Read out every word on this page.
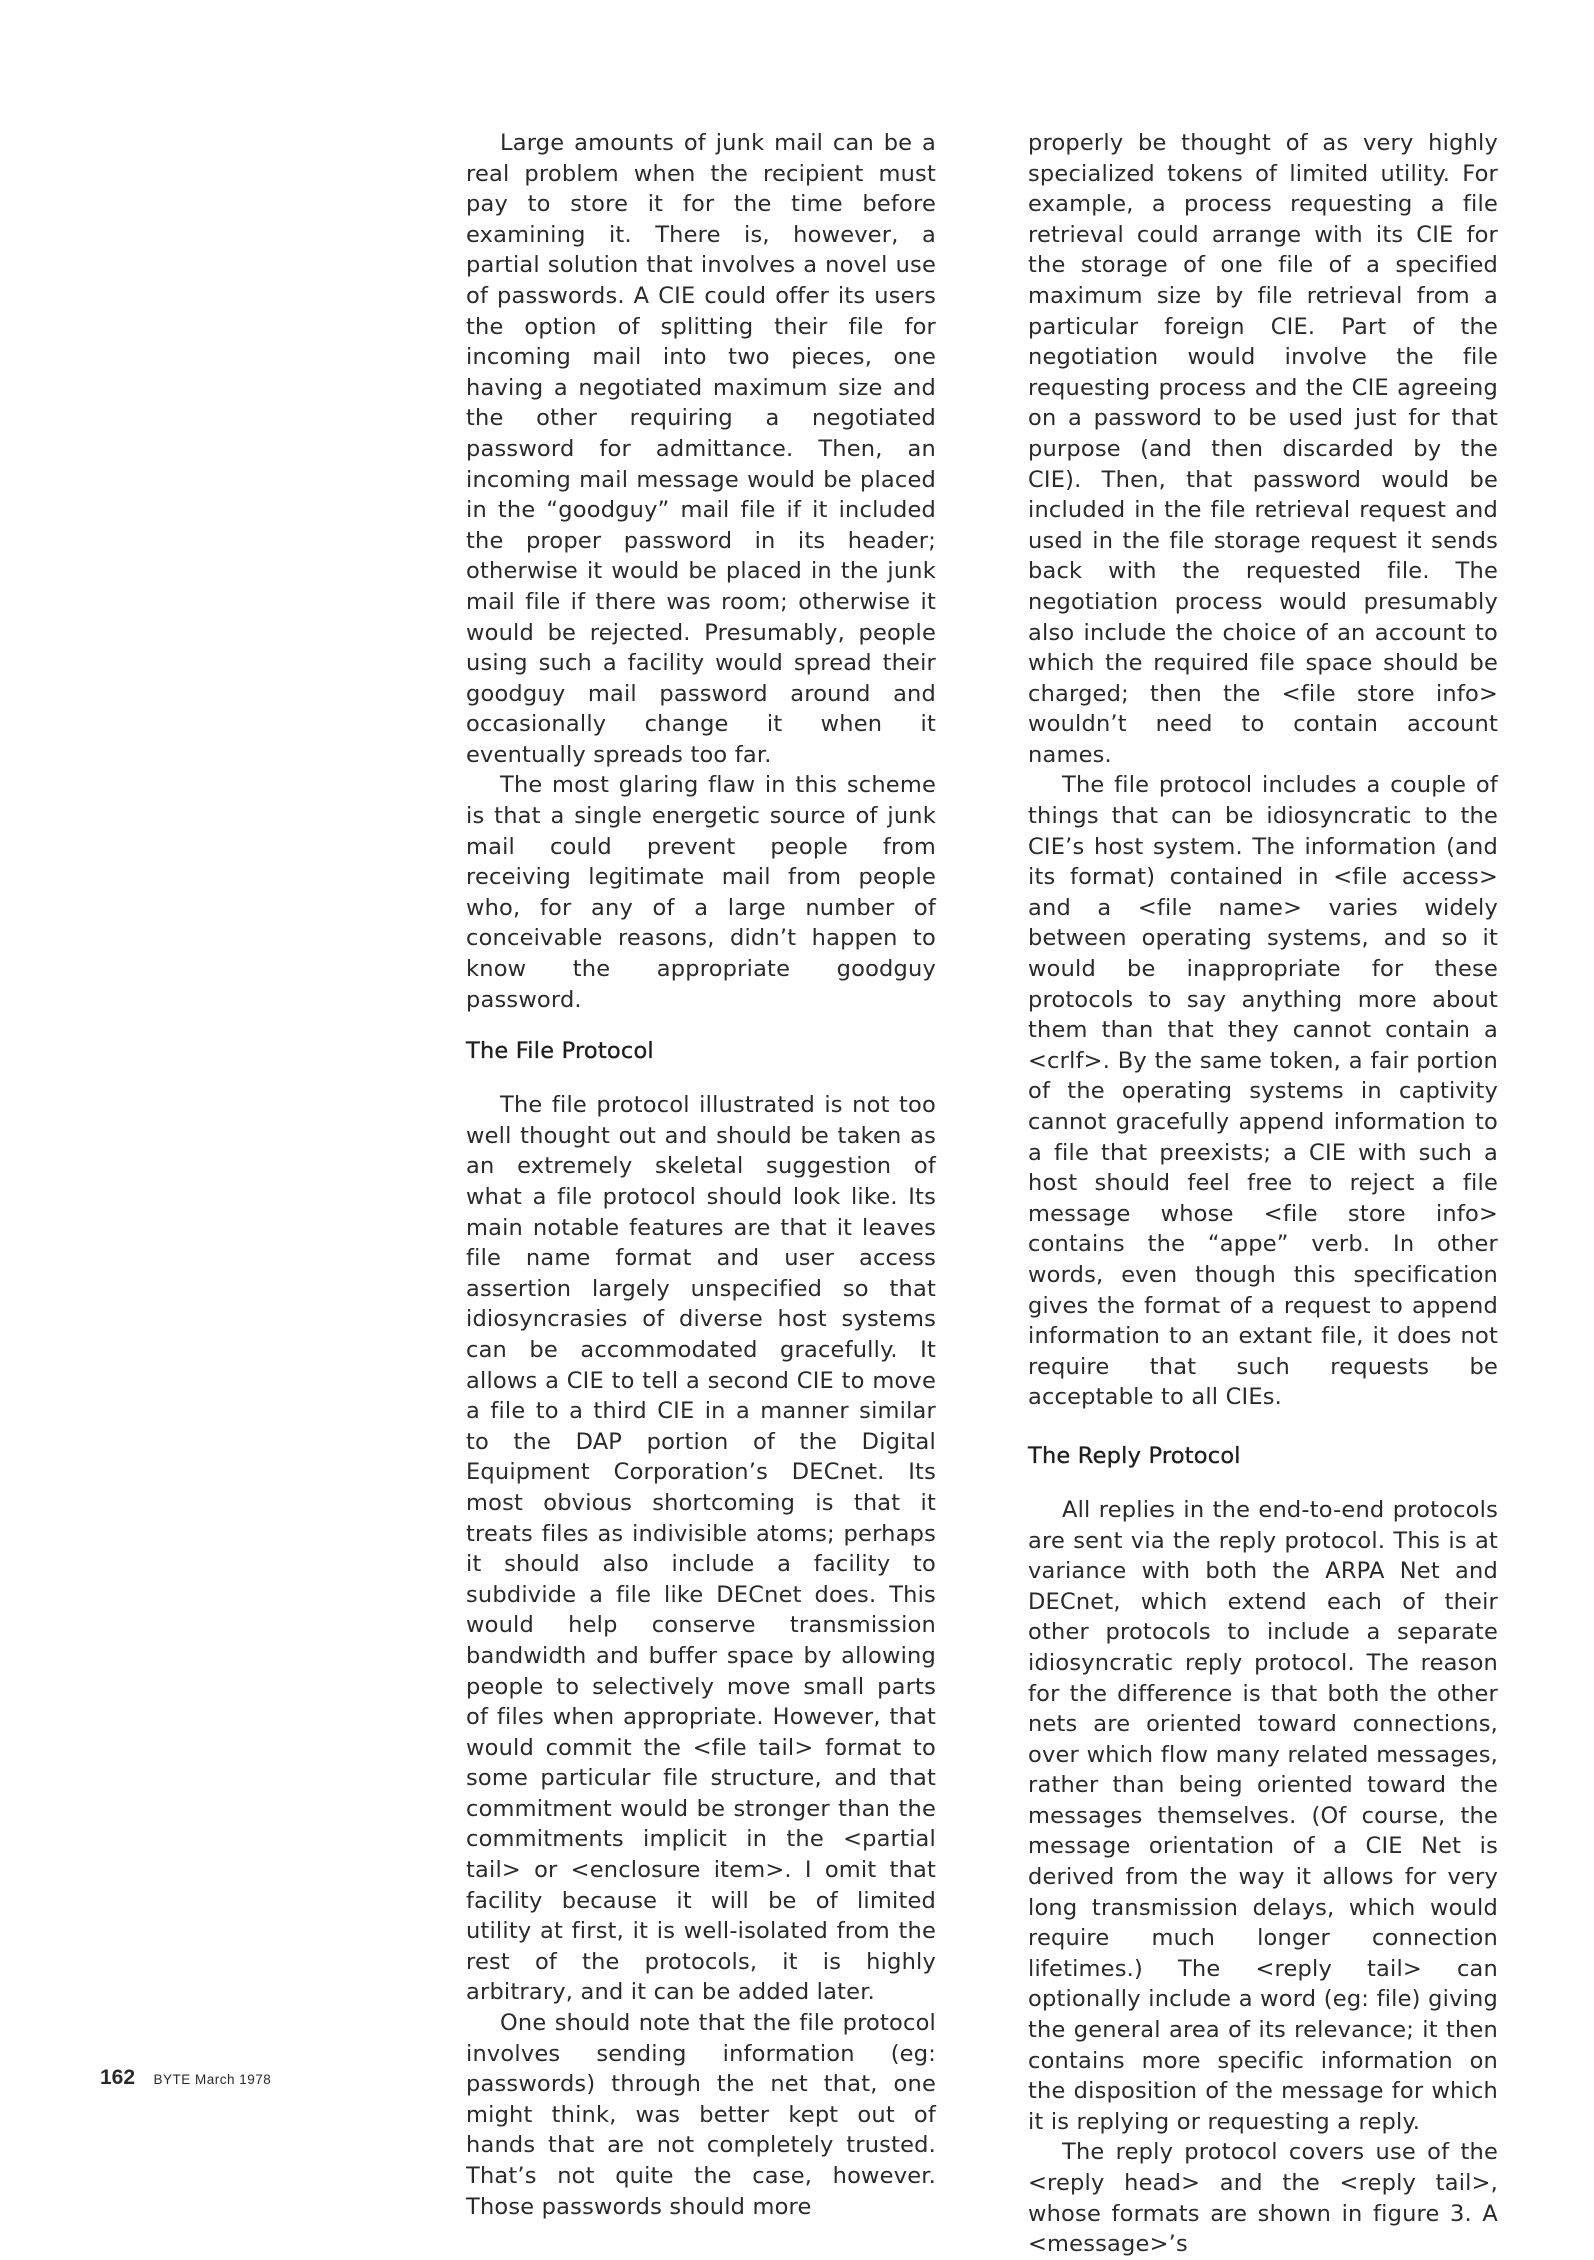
Large amounts of junk mail can be a real problem when the recipient must pay to store it for the time before examining it. There is, however, a partial solution that involves a novel use of passwords. A CIE could offer its users the option of splitting their file for incoming mail into two pieces, one having a negotiated maximum size and the other requiring a negotiated password for admittance. Then, an incoming mail message would be placed in the “goodguy” mail file if it included the proper password in its header; otherwise it would be placed in the junk mail file if there was room; otherwise it would be rejected. Presumably, people using such a facility would spread their goodguy mail password around and occasionally change it when it eventually spreads too far.

The most glaring flaw in this scheme is that a single energetic source of junk mail could prevent people from receiving legitimate mail from people who, for any of a large number of conceivable reasons, didn’t happen to know the appropriate goodguy password.

The File Protocol

The file protocol illustrated is not too well thought out and should be taken as an extremely skeletal suggestion of what a file protocol should look like. Its main notable features are that it leaves file name format and user access assertion largely unspecified so that idiosyncrasies of diverse host systems can be accommodated gracefully. It allows a CIE to tell a second CIE to move a file to a third CIE in a manner similar to the DAP portion of the Digital Equipment Corporation’s DECnet. Its most obvious shortcoming is that it treats files as indivisible atoms; perhaps it should also include a facility to subdivide a file like DECnet does. This would help conserve transmission bandwidth and buffer space by allowing people to selectively move small parts of files when appropriate. However, that would commit the <file tail> format to some particular file structure, and that commitment would be stronger than the commitments implicit in the <partial tail> or <enclosure item>. I omit that facility because it will be of limited utility at first, it is well-isolated from the rest of the protocols, it is highly arbitrary, and it can be added later.

One should note that the file protocol involves sending information (eg: passwords) through the net that, one might think, was better kept out of hands that are not completely trusted. That’s not quite the case, however. Those passwords should more

properly be thought of as very highly specialized tokens of limited utility. For example, a process requesting a file retrieval could arrange with its CIE for the storage of one file of a specified maximum size by file retrieval from a particular foreign CIE. Part of the negotiation would involve the file requesting process and the CIE agreeing on a password to be used just for that purpose (and then discarded by the CIE). Then, that password would be included in the file retrieval request and used in the file storage request it sends back with the requested file. The negotiation process would presumably also include the choice of an account to which the required file space should be charged; then the <file store info> wouldn’t need to contain account names.

The file protocol includes a couple of things that can be idiosyncratic to the CIE’s host system. The information (and its format) contained in <file access> and a <file name> varies widely between operating systems, and so it would be inappropriate for these protocols to say anything more about them than that they cannot contain a <crlf>. By the same token, a fair portion of the operating systems in captivity cannot gracefully append information to a file that preexists; a CIE with such a host should feel free to reject a file message whose <file store info> contains the “appe” verb. In other words, even though this specification gives the format of a request to append information to an extant file, it does not require that such requests be acceptable to all CIEs.

The Reply Protocol

All replies in the end-to-end protocols are sent via the reply protocol. This is at variance with both the ARPA Net and DECnet, which extend each of their other protocols to include a separate idiosyncratic reply protocol. The reason for the difference is that both the other nets are oriented toward connections, over which flow many related messages, rather than being oriented toward the messages themselves. (Of course, the message orientation of a CIE Net is derived from the way it allows for very long transmission delays, which would require much longer connection lifetimes.) The <reply tail> can optionally include a word (eg: file) giving the general area of its relevance; it then contains more specific information on the disposition of the message for which it is replying or requesting a reply.

The reply protocol covers use of the <reply head> and the <reply tail>, whose formats are shown in figure 3. A <message>’s

162 BYTE March 1978
